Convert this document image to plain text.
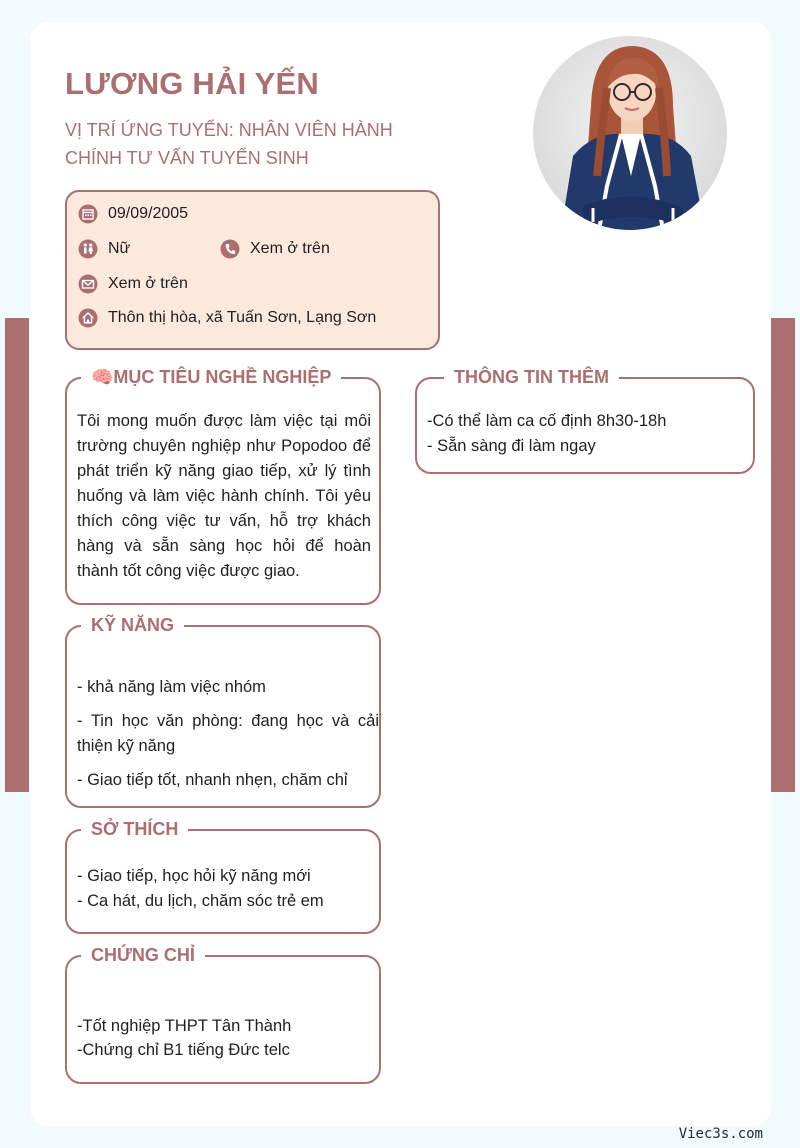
LƯƠNG HẢI YẾN
VỊ TRÍ ỨNG TUYỂN: NHÂN VIÊN HÀNH
CHÍNH TƯ VẤN TUYỂN SINH
09/09/2005
Nữ	Xem ở trên
Xem ở trên
Thôn thị hòa, xã Tuấn Sơn, Lạng Sơn
🧠MỤC TIÊU NGHỀ NGHIỆP
Tôi mong muốn được làm việc tại môi trường chuyên nghiệp như Popodoo để phát triển kỹ năng giao tiếp, xử lý tình huống và làm việc hành chính. Tôi yêu thích công việc tư vấn, hỗ trợ khách hàng và sẵn sàng học hỏi để hoàn thành tốt công việc được giao.
THÔNG TIN THÊM
-Có thể làm ca cố định 8h30-18h
- Sẵn sàng đi làm ngay
KỸ NĂNG
- khả năng làm việc nhóm
- Tin học văn phòng: đang học và cải thiện kỹ năng
- Giao tiếp tốt, nhanh nhẹn, chăm chỉ
SỞ THÍCH
- Giao tiếp, học hỏi kỹ năng mới
- Ca hát, du lịch, chăm sóc trẻ em
CHỨNG CHỈ
-Tốt nghiệp THPT Tân Thành
-Chứng chỉ B1 tiếng Đức telc
Viec3s.com
